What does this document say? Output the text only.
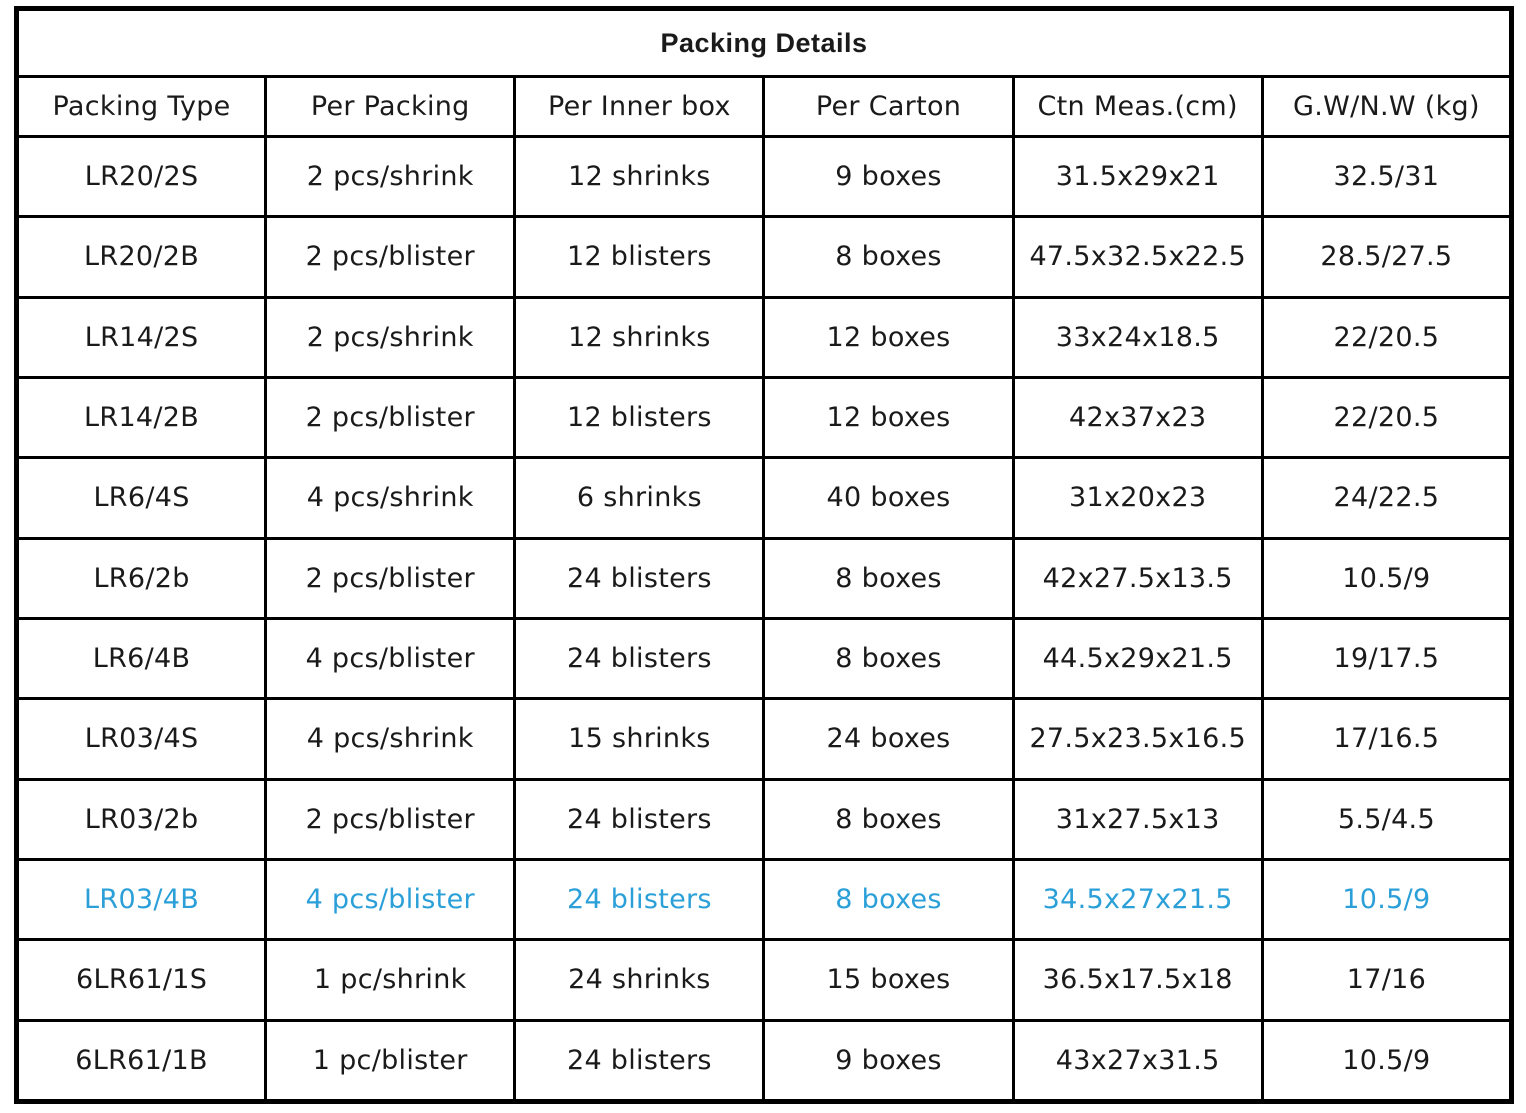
Packing Details					
Packing Type	Per Packing	Per Inner box	Per Carton	Ctn Meas.(cm)	G.W/N.W (kg)
LR20/2S	2 pcs/shrink	12 shrinks	9 boxes	31.5x29x21	32.5/31
LR20/2B	2 pcs/blister	12 blisters	8 boxes	47.5x32.5x22.5	28.5/27.5
LR14/2S	2 pcs/shrink	12 shrinks	12 boxes	33x24x18.5	22/20.5
LR14/2B	2 pcs/blister	12 blisters	12 boxes	42x37x23	22/20.5
LR6/4S	4 pcs/shrink	6 shrinks	40 boxes	31x20x23	24/22.5
LR6/2b	2 pcs/blister	24 blisters	8 boxes	42x27.5x13.5	10.5/9
LR6/4B	4 pcs/blister	24 blisters	8 boxes	44.5x29x21.5	19/17.5
LR03/4S	4 pcs/shrink	15 shrinks	24 boxes	27.5x23.5x16.5	17/16.5
LR03/2b	2 pcs/blister	24 blisters	8 boxes	31x27.5x13	5.5/4.5
LR03/4B	4 pcs/blister	24 blisters	8 boxes	34.5x27x21.5	10.5/9
6LR61/1S	1 pc/shrink	24 shrinks	15 boxes	36.5x17.5x18	17/16
6LR61/1B	1 pc/blister	24 blisters	9 boxes	43x27x31.5	10.5/9
